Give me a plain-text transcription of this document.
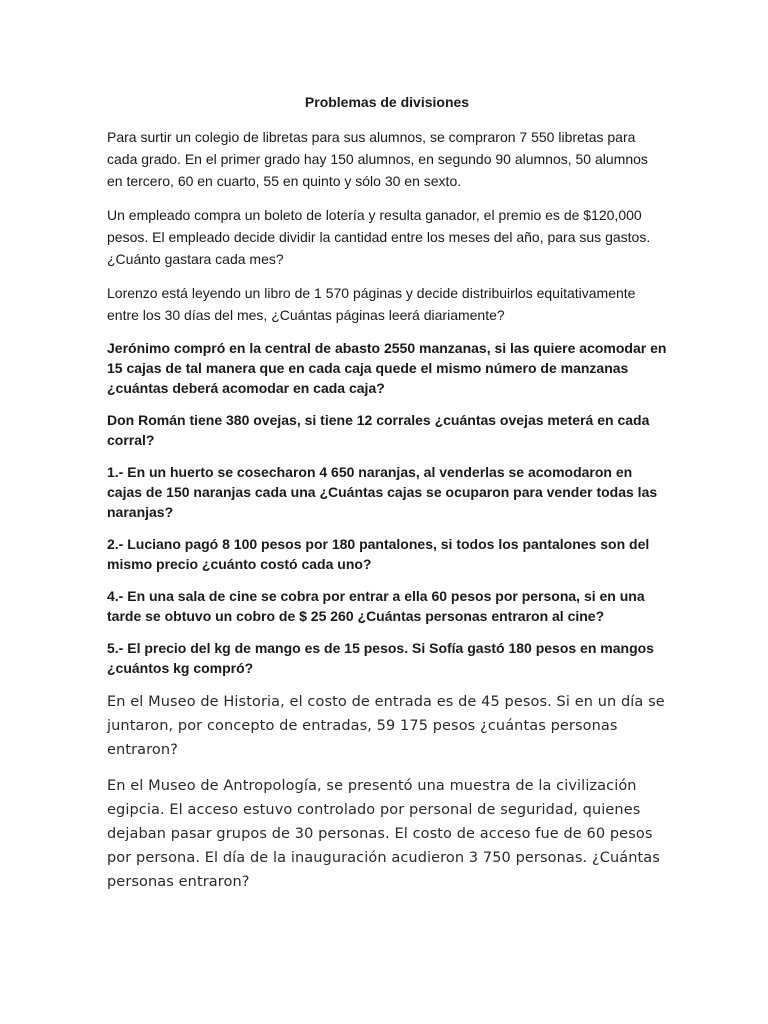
Problemas de divisiones
Para surtir un colegio de libretas para sus alumnos, se compraron 7 550 libretas para cada grado. En el primer grado hay 150 alumnos, en segundo 90 alumnos, 50 alumnos en tercero, 60 en cuarto, 55 en quinto y sólo 30 en sexto.
Un empleado compra un boleto de lotería y resulta ganador, el premio es de $120,000 pesos. El empleado decide dividir la cantidad entre los meses del año, para sus gastos. ¿Cuánto gastara cada mes?
Lorenzo está leyendo un libro de 1 570 páginas y decide distribuirlos equitativamente entre los 30 días del mes, ¿Cuántas páginas leerá diariamente?
Jerónimo compró en la central de abasto 2550 manzanas, si las quiere acomodar en 15 cajas de tal manera que en cada caja quede el mismo número de manzanas ¿cuántas deberá acomodar en cada caja?
Don Román tiene 380 ovejas, si tiene 12 corrales ¿cuántas ovejas meterá en cada corral?
1.- En un huerto se cosecharon 4 650 naranjas, al venderlas se acomodaron en cajas de 150 naranjas cada una ¿Cuántas cajas se ocuparon para vender todas las naranjas?
2.- Luciano pagó 8 100 pesos por 180 pantalones, si todos los pantalones son del mismo precio ¿cuánto costó cada uno?
4.- En una sala de cine se cobra por entrar a ella 60 pesos por persona, si en una tarde se obtuvo un cobro de $ 25 260 ¿Cuántas personas entraron al cine?
5.- El precio del kg de mango es de 15 pesos. Si Sofía gastó 180 pesos en mangos ¿cuántos kg compró?
En el Museo de Historia, el costo de entrada es de 45 pesos. Si en un día se juntaron, por concepto de entradas, 59 175 pesos ¿cuántas personas entraron?
En el Museo de Antropología, se presentó una muestra de la civilización egipcia. El acceso estuvo controlado por personal de seguridad, quienes dejaban pasar grupos de 30 personas. El costo de acceso fue de 60 pesos por persona. El día de la inauguración acudieron 3 750 personas. ¿Cuántas personas entraron?
